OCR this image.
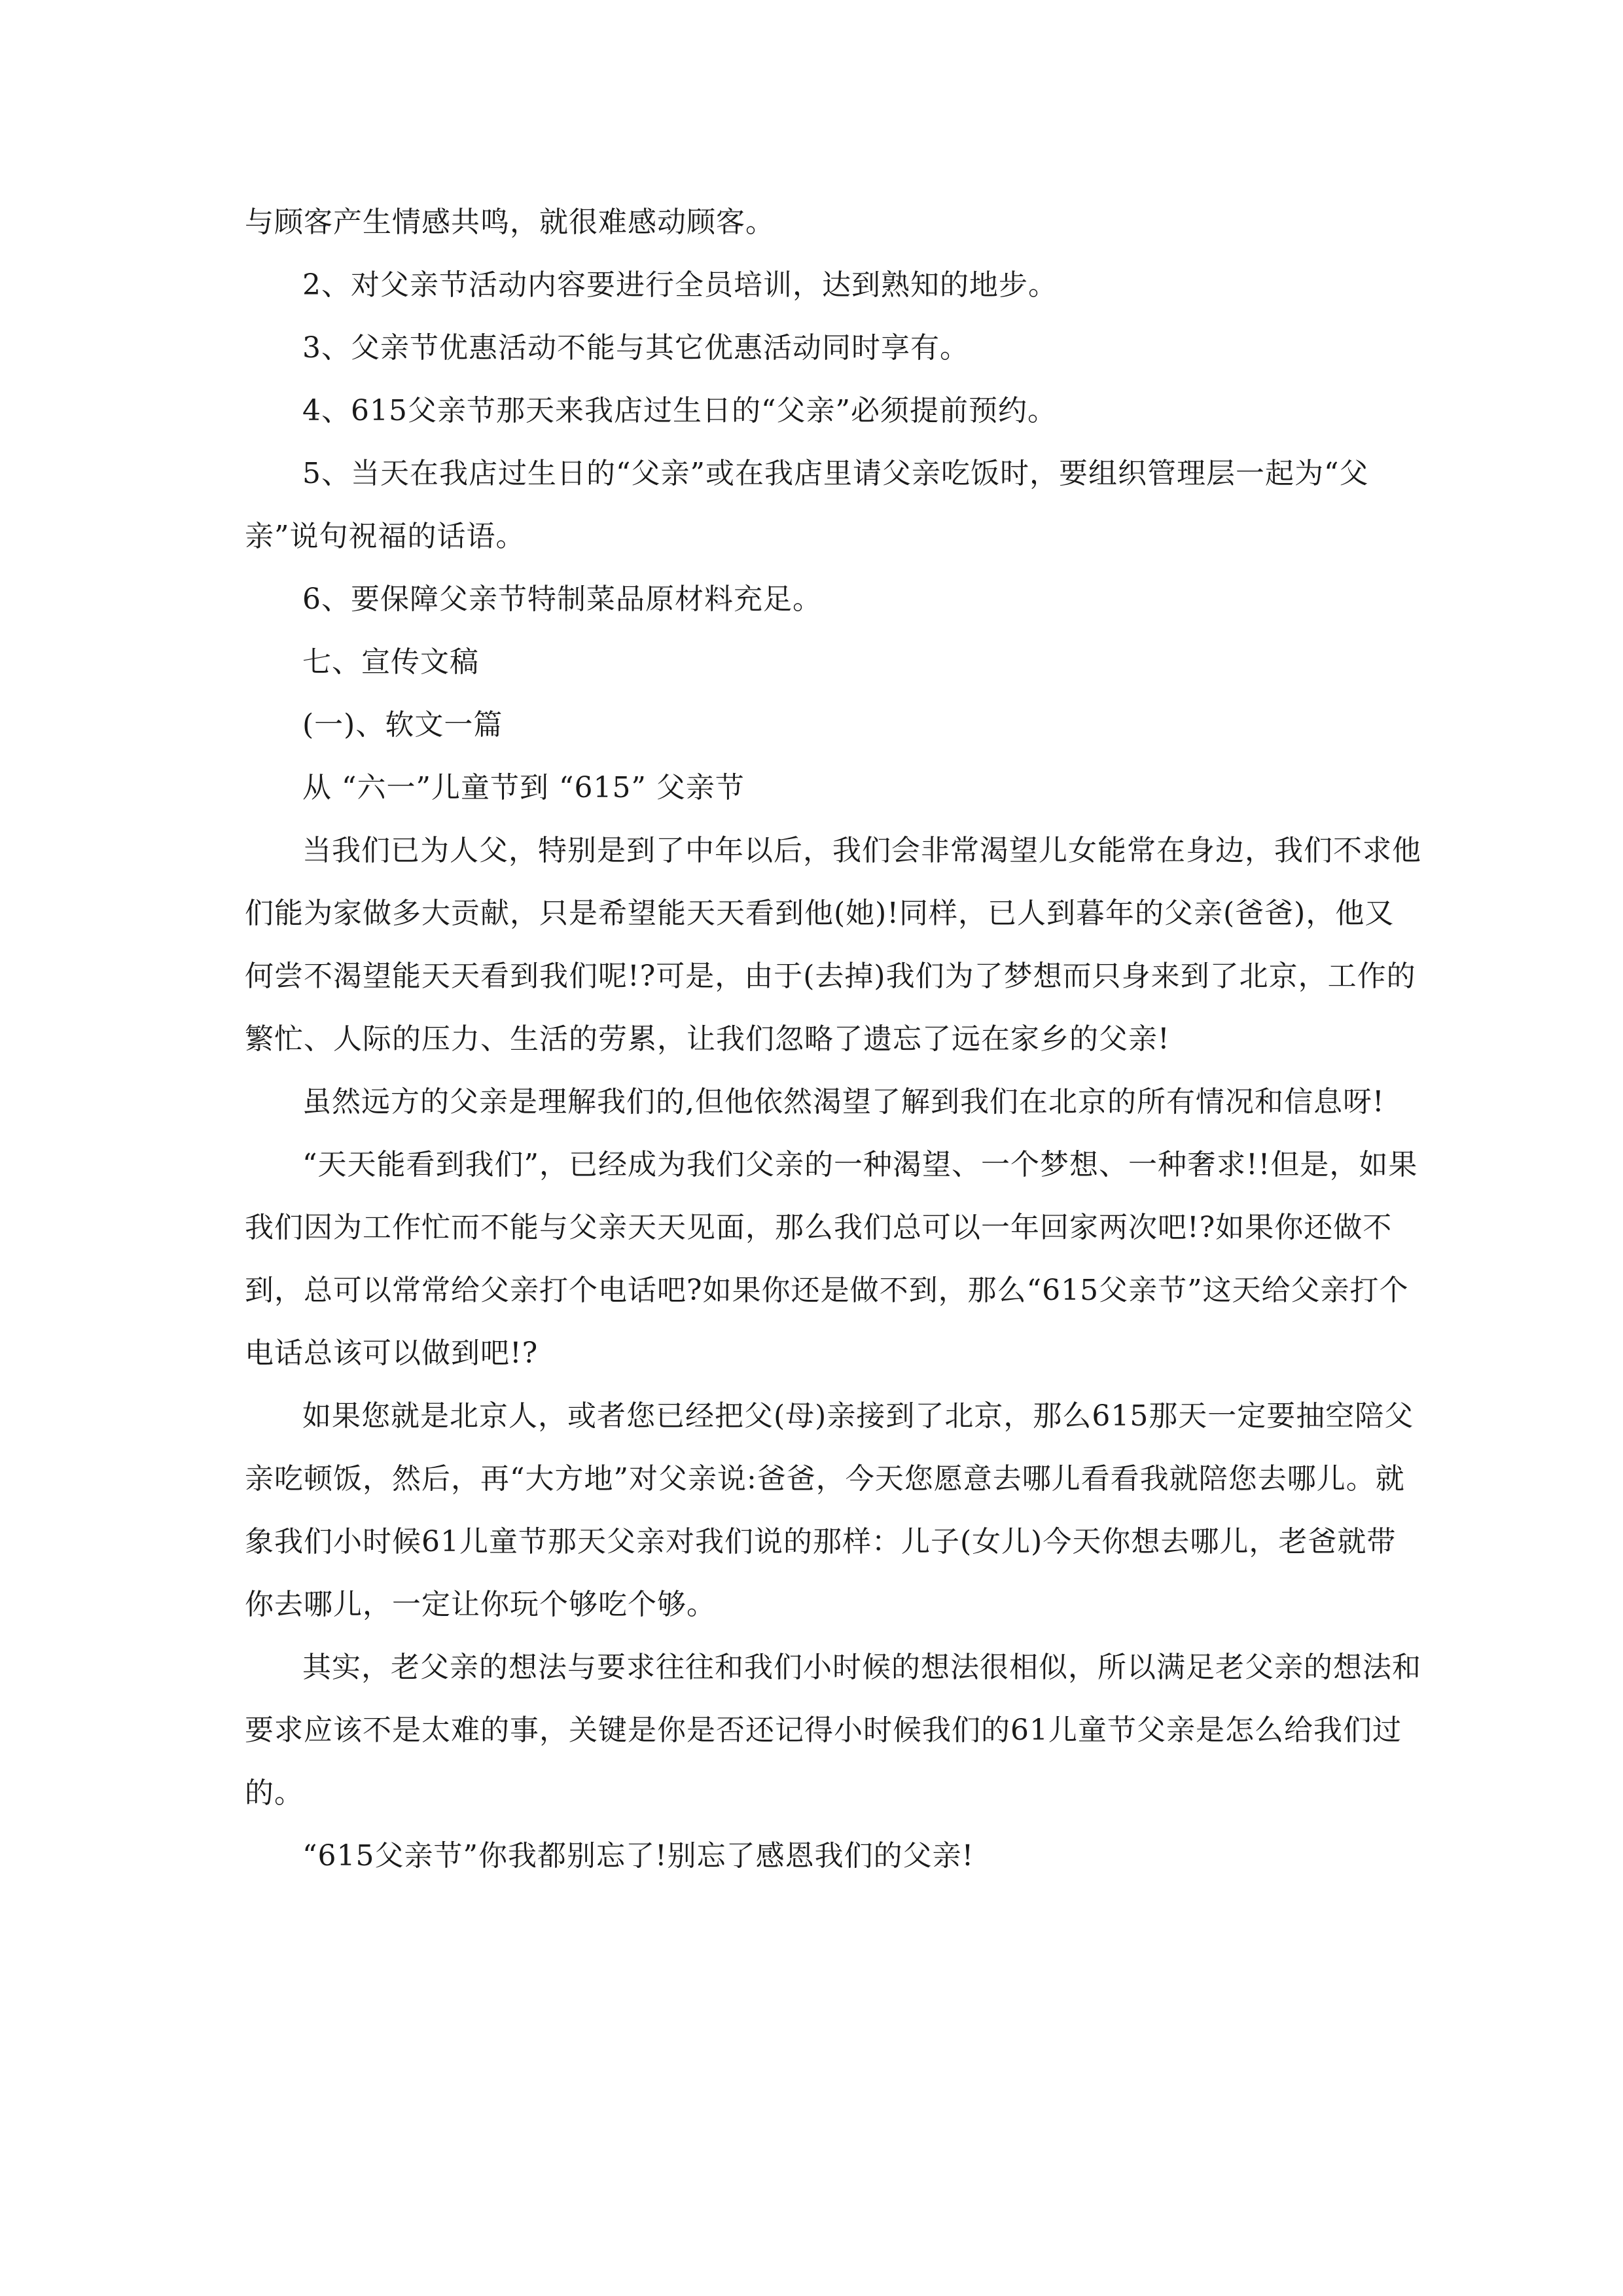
与顾客产生情感共鸣，就很难感动顾客。

2、对父亲节活动内容要进行全员培训，达到熟知的地步。

3、父亲节优惠活动不能与其它优惠活动同时享有。

4、615父亲节那天来我店过生日的“父亲”必须提前预约。

5、当天在我店过生日的“父亲”或在我店里请父亲吃饭时，要组织管理层一起为“父亲”说句祝福的话语。

6、要保障父亲节特制菜品原材料充足。

七、宣传文稿

(一)、软文一篇

从 “六一”儿童节到 “615” 父亲节

当我们已为人父，特别是到了中年以后，我们会非常渴望儿女能常在身边，我们不求他们能为家做多大贡献，只是希望能天天看到他(她)!同样，已人到暮年的父亲(爸爸)，他又何尝不渴望能天天看到我们呢!?可是，由于(去掉)我们为了梦想而只身来到了北京，工作的繁忙、人际的压力、生活的劳累，让我们忽略了遗忘了远在家乡的父亲!

虽然远方的父亲是理解我们的,但他依然渴望了解到我们在北京的所有情况和信息呀!

“天天能看到我们”，已经成为我们父亲的一种渴望、一个梦想、一种奢求!!但是，如果我们因为工作忙而不能与父亲天天见面，那么我们总可以一年回家两次吧!?如果你还做不到，总可以常常给父亲打个电话吧?如果你还是做不到，那么“615父亲节”这天给父亲打个电话总该可以做到吧!?

如果您就是北京人，或者您已经把父(母)亲接到了北京，那么615那天一定要抽空陪父亲吃顿饭，然后，再“大方地”对父亲说:爸爸，今天您愿意去哪儿看看我就陪您去哪儿。就象我们小时候61儿童节那天父亲对我们说的那样：儿子(女儿)今天你想去哪儿，老爸就带你去哪儿，一定让你玩个够吃个够。

其实，老父亲的想法与要求往往和我们小时候的想法很相似，所以满足老父亲的想法和要求应该不是太难的事，关键是你是否还记得小时候我们的61儿童节父亲是怎么给我们过的。

“615父亲节”你我都别忘了!别忘了感恩我们的父亲!
